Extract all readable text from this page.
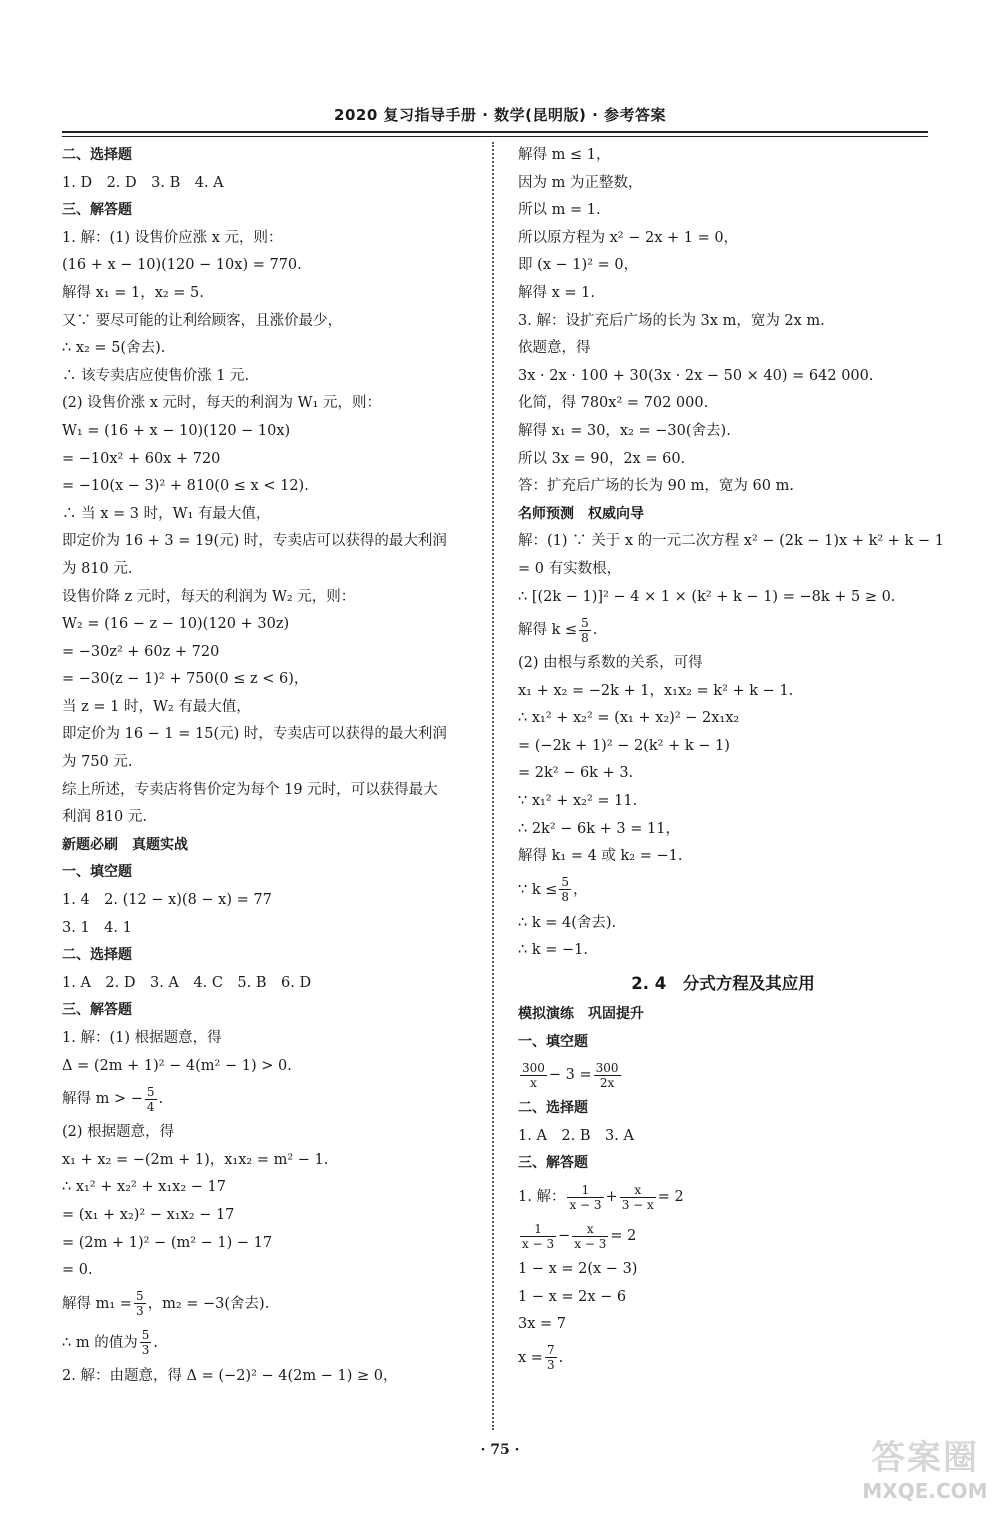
2020 复习指导手册 · 数学(昆明版) · 参考答案
二、选择题
1. D　2. D　3. B　4. A
三、解答题
1. 解：(1) 设售价应涨 x 元，则：
(16 + x − 10)(120 − 10x) = 770.
解得 x₁ = 1，x₂ = 5.
又∵ 要尽可能的让利给顾客，且涨价最少，
∴ x₂ = 5(舍去).
∴ 该专卖店应使售价涨 1 元.
(2) 设售价涨 x 元时，每天的利润为 W₁ 元，则：
W₁ = (16 + x − 10)(120 − 10x)
= −10x² + 60x + 720
= −10(x − 3)² + 810(0 ≤ x < 12).
∴ 当 x = 3 时，W₁ 有最大值，
即定价为 16 + 3 = 19(元) 时，专卖店可以获得的最大利润
为 810 元.
设售价降 z 元时，每天的利润为 W₂ 元，则：
W₂ = (16 − z − 10)(120 + 30z)
= −30z² + 60z + 720
= −30(z − 1)² + 750(0 ≤ z < 6)，
当 z = 1 时，W₂ 有最大值，
即定价为 16 − 1 = 15(元) 时，专卖店可以获得的最大利润
为 750 元.
综上所述，专卖店将售价定为每个 19 元时，可以获得最大
利润 810 元.
新题必刷　真题实战
一、填空题
1. 4　2. (12 − x)(8 − x) = 77
3. 1　4. 1
二、选择题
1. A　2. D　3. A　4. C　5. B　6. D
三、解答题
1. 解：(1) 根据题意，得
Δ = (2m + 1)² − 4(m² − 1) > 0.
解得 m > − $\frac{5}{4}$ .
(2) 根据题意，得
x₁ + x₂ = −(2m + 1)，x₁x₂ = m² − 1.
∴ x₁² + x₂² + x₁x₂ − 17
= (x₁ + x₂)² − x₁x₂ − 17
= (2m + 1)² − (m² − 1) − 17
= 0.
解得 $m_1 = \frac{5}{3}$ ，m₂ = −3(舍去).
∴ m 的值为 $\frac{5}{3}$ .
2. 解：由题意，得 Δ = (−2)² − 4(2m − 1) ≥ 0，
解得 m ≤ 1，
因为 m 为正整数，
所以 m = 1.
所以原方程为 x² − 2x + 1 = 0，
即 (x − 1)² = 0，
解得 x = 1.
3. 解：设扩充后广场的长为 3x m，宽为 2x m.
依题意，得
3x · 2x · 100 + 30(3x · 2x − 50 × 40) = 642 000.
化简，得 780x² = 702 000.
解得 x₁ = 30，x₂ = −30(舍去).
所以 3x = 90，2x = 60.
答：扩充后广场的长为 90 m，宽为 60 m.
名师预测　权威向导
解：(1) ∵ 关于 x 的一元二次方程 x² − (2k − 1)x + k² + k − 1
= 0 有实数根，
∴ [(2k − 1)]² − 4 × 1 × (k² + k − 1) = −8k + 5 ≥ 0.
解得 $k \le \frac{5}{8}$ .
(2) 由根与系数的关系，可得
x₁ + x₂ = −2k + 1，x₁x₂ = k² + k − 1.
∴ x₁² + x₂² = (x₁ + x₂)² − 2x₁x₂
= (−2k + 1)² − 2(k² + k − 1)
= 2k² − 6k + 3.
∵ x₁² + x₂² = 11.
∴ 2k² − 6k + 3 = 11，
解得 k₁ = 4 或 k₂ = −1.
∵ $k \le \frac{5}{8}$ ，
∴ k = 4(舍去).
∴ k = −1.
2. 4　分式方程及其应用
模拟演练　巩固提升
一、填空题
$\frac{300}{x} - 3 = \frac{300}{2x}$
二、选择题
1. A　2. B　3. A
三、解答题
1. 解： $\frac{1}{x - 3} + \frac{x}{3 - x} = 2$
$\frac{1}{x - 3} - \frac{x}{x - 3} = 2$
1 − x = 2(x − 3)
1 − x = 2x − 6
3x = 7
$x = \frac{7}{3}$ .
· 75 ·	答案圈
MXQE.COM
